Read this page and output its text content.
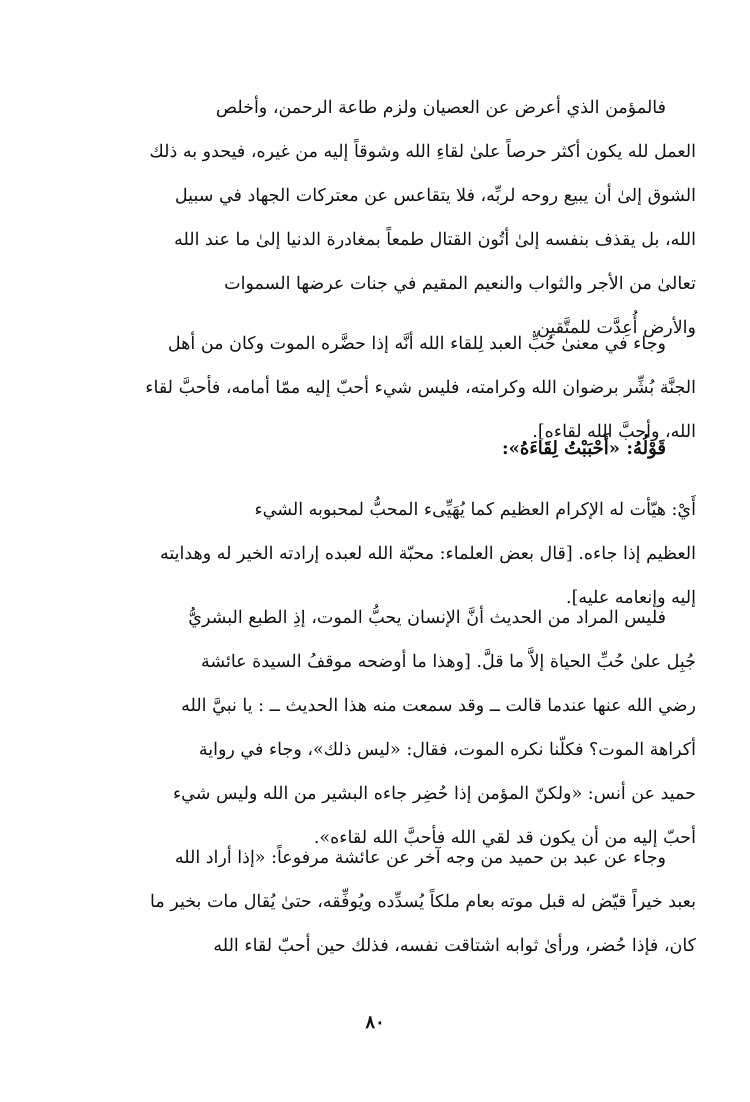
فالمؤمن الذي أعرض عن العصيان ولزم طاعة الرحمن، وأخلص
العمل لله يكون أكثر حرصاً علىٰ لقاءِ الله وشوقاً إليه من غيره، فيحدو به ذلك
الشوق إلىٰ أن يبيع روحه لربِّه، فلا يتقاعس عن معتركات الجهاد في سبيل
الله، بل يقذف بنفسه إلىٰ أتُون القتال طمعاً بمغادرة الدنيا إلىٰ ما عند الله
تعالىٰ من الأجر والثواب والنعيم المقيم في جنات عرضها السموات
والأرض أُعِدَّت للمتَّقين.
وجاء في معنىٰ حُبِّ العبد لِلقاء الله أنَّه إذا حضَّره الموت وكان من أهل
الجنَّة بُشِّر برضوان الله وكرامته، فليس شيء أحبّ إليه ممّا أمامه، فأحبَّ لقاء
الله، وأحبَّ الله لقاءه].
قَوْلُهُ: «أَحْبَبْتُ لِقَاءَهُ»:
أَيْ: هيّأت له الإكرام العظيم كما يُهَيِّىء المحبُّ لمحبوبه الشيء
العظيم إذا جاءه. [قال بعض العلماء: محبّة الله لعبده إرادته الخير له وهدايته
إليه وإنعامه عليه].
فليس المراد من الحديث أنَّ الإنسان يحبُّ الموت، إذِ الطبع البشريُّ
جُبِل علىٰ حُبِّ الحياة إلاَّ ما قلَّ. [وهذا ما أوضحه موقفُ السيدة عائشة
رضي الله عنها عندما قالت ــ وقد سمعت منه هذا الحديث ــ : يا نبيَّ الله
أكراهة الموت؟ فكلّنا نكره الموت، فقال: «ليس ذلك»، وجاء في رواية
حميد عن أنس: «ولكنّ المؤمن إذا حُضِر جاءه البشير من الله وليس شيء
أحبّ إليه من أن يكون قد لقي الله فأحبَّ الله لقاءه».
وجاء عن عبد بن حميد من وجه آخر عن عائشة مرفوعاً: «إذا أراد الله
بعبد خيراً قيّض له قبل موته بعام ملكاً يُسدِّده ويُوفِّقه، حتىٰ يُقال مات بخير ما
كان، فإذا حُضر، ورأىٰ ثوابه اشتاقت نفسه، فذلك حين أحبّ لقاء الله
٨٠
